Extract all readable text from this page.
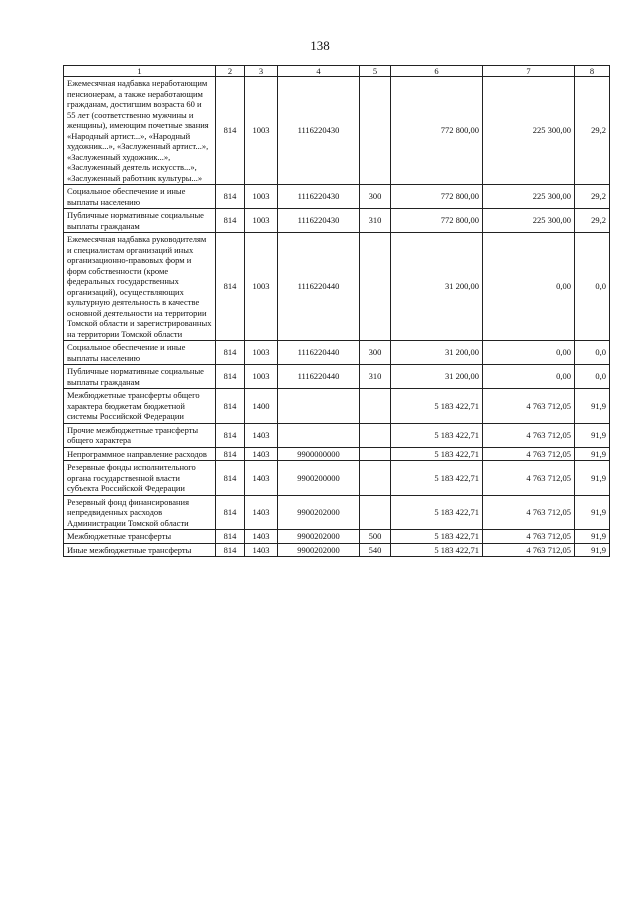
138
1	2	3	4	5	6	7	8
Ежемесячная надбавка неработающим пенсионерам, а также неработающим гражданам, достигшим возраста 60 и 55 лет (соответственно мужчины и женщины), имеющим почетные звания «Народный артист...», «Народный художник...», «Заслуженный артист...», «Заслуженный художник...», «Заслуженный деятель искусств...», «Заслуженный работник культуры...»	814	1003	1116220430		772 800,00	225 300,00	29,2
Социальное обеспечение и иные выплаты населению	814	1003	1116220430	300	772 800,00	225 300,00	29,2
Публичные нормативные социальные выплаты гражданам	814	1003	1116220430	310	772 800,00	225 300,00	29,2
Ежемесячная надбавка руководителям и специалистам организаций иных организационно-правовых форм и форм собственности (кроме федеральных государственных организаций), осуществляющих культурную деятельность в качестве основной деятельности на территории Томской области и зарегистрированных на территории Томской области	814	1003	1116220440		31 200,00	0,00	0,0
Социальное обеспечение и иные выплаты населению	814	1003	1116220440	300	31 200,00	0,00	0,0
Публичные нормативные социальные выплаты гражданам	814	1003	1116220440	310	31 200,00	0,00	0,0
Межбюджетные трансферты общего характера бюджетам бюджетной системы Российской Федерации	814	1400			5 183 422,71	4 763 712,05	91,9
Прочие межбюджетные трансферты общего характера	814	1403			5 183 422,71	4 763 712,05	91,9
Непрограммное направление расходов	814	1403	9900000000		5 183 422,71	4 763 712,05	91,9
Резервные фонды исполнительного органа государственной власти субъекта Российской Федерации	814	1403	9900200000		5 183 422,71	4 763 712,05	91,9
Резервный фонд финансирования непредвиденных расходов Администрации Томской области	814	1403	9900202000		5 183 422,71	4 763 712,05	91,9
Межбюджетные трансферты	814	1403	9900202000	500	5 183 422,71	4 763 712,05	91,9
Иные межбюджетные трансферты	814	1403	9900202000	540	5 183 422,71	4 763 712,05	91,9
